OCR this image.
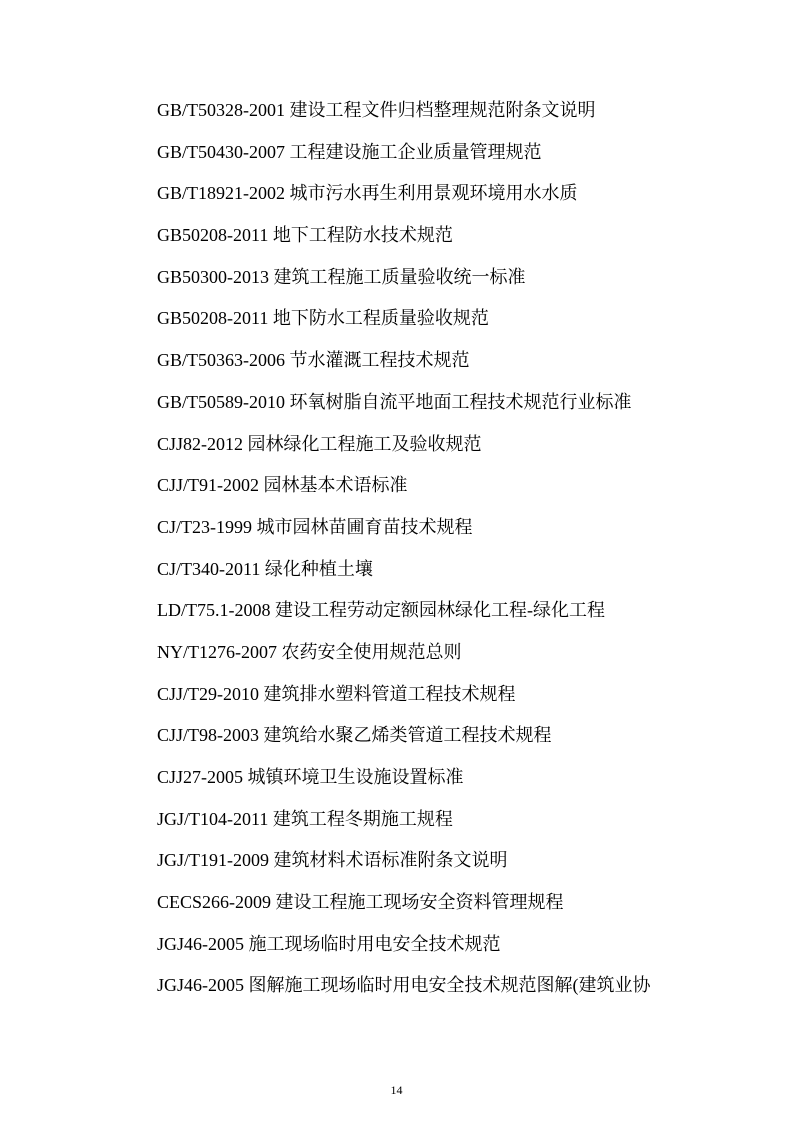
GB/T50328-2001 建设工程文件归档整理规范附条文说明
GB/T50430-2007 工程建设施工企业质量管理规范
GB/T18921-2002 城市污水再生利用景观环境用水水质
GB50208-2011 地下工程防水技术规范
GB50300-2013 建筑工程施工质量验收统一标准
GB50208-2011 地下防水工程质量验收规范
GB/T50363-2006 节水灌溉工程技术规范
GB/T50589-2010 环氧树脂自流平地面工程技术规范行业标准
CJJ82-2012 园林绿化工程施工及验收规范
CJJ/T91-2002 园林基本术语标准
CJ/T23-1999 城市园林苗圃育苗技术规程
CJ/T340-2011 绿化种植土壤
LD/T75.1-2008 建设工程劳动定额园林绿化工程-绿化工程
NY/T1276-2007 农药安全使用规范总则
CJJ/T29-2010 建筑排水塑料管道工程技术规程
CJJ/T98-2003 建筑给水聚乙烯类管道工程技术规程
CJJ27-2005 城镇环境卫生设施设置标准
JGJ/T104-2011 建筑工程冬期施工规程
JGJ/T191-2009 建筑材料术语标准附条文说明
CECS266-2009 建设工程施工现场安全资料管理规程
JGJ46-2005 施工现场临时用电安全技术规范
JGJ46-2005 图解施工现场临时用电安全技术规范图解(建筑业协
14
